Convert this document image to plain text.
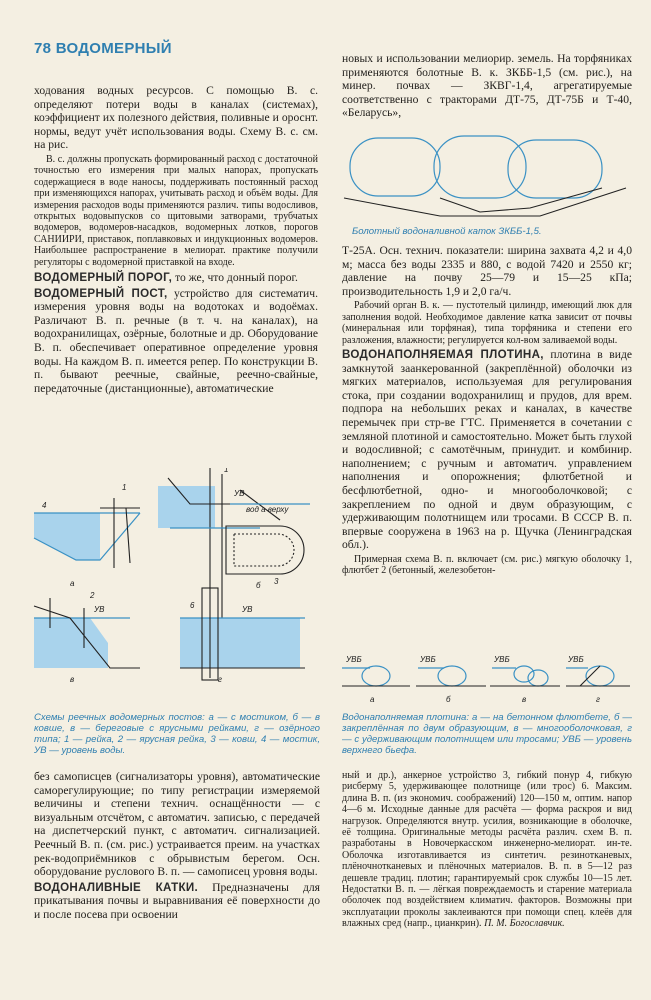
78 ВОДОМЕРНЫЙ

ходования водных ресурсов. С помощью В. с. определяют потери воды в каналах (системах), коэффициент их полезного действия, поливные и ороснт. нормы, ведут учёт использования воды. Схему В. с. см. на рис.

В. с. должны пропускать формированный расход с достаточной точностью его измерения при малых напорах, пропускать содержащиеся в воде наносы, поддерживать постоянный расход при изменяющихся напорах, учитывать расход и объём воды. Для измерения расходов воды применяются различ. типы водосливов, открытых водовыпусков со щитовыми затворами, трубчатых водомеров, водомеров-насадков, водомерных лотков, порогов САНИИРИ, приставок, поплавковых и индукционных водомеров. Наибольшее распространение в мелиорат. практике получили регуляторы с водомерной приставкой на входе.

ВОДОМЕРНЫЙ ПОРОГ, то же, что донный порог.

ВОДОМЕРНЫЙ ПОСТ, устройство для систематич. измерения уровня воды на водотоках и водоёмах. Различают В. п. речные (в т. ч. на каналах), на водохранилищах, озёрные, болотные и др. Оборудование В. п. обеспечивает оперативное определение уровня воды. На каждом В. п. имеется репер. По конструкции В. п. бывают реечные, свайные, реечно-свайные, передаточные (дистанционные), автоматические

1
4
а
УВ
вод а верху
6
1
б 3
УВ
2
в
УВ
г
Схемы реечных водомерных постов: а — с мостиком, б — в ковше, в — береговые с ярусными рейками, г — озёрного типа; 1 — рейка, 2 — ярусная рейка, 3 — ковш, 4 — мостик, УВ — уровень воды.

без самописцев (сигнализаторы уровня), автоматические саморегулирующие; по типу регистрации измеряемой величины и степени технич. оснащённости — с визуальным отсчётом, с автоматич. записью, с передачей на диспетчерский пункт, с автоматич. сигнализацией. Реечный В. п. (см. рис.) устраивается преим. на участках рек-водоприёмников с обрывистым берегом. Осн. оборудование руслового В. п. — самописец уровня воды.

ВОДОНАЛИВНЫЕ КАТКИ. Предназначены для прикатывания почвы и выравнивания её поверхности до и после посева при освоении

новых и использовании мелиорир. земель. На торфяниках применяются болотные В. к. ЗКББ-1,5 (см. рис.), на минер. почвах — ЗКВГ-1,4, агрегатируемые соответственно с тракторами ДТ-75, ДТ-75Б и Т-40, «Беларусь»,
Болотный водоналивной каток ЗКББ-1,5.

Т-25А. Осн. технич. показатели: ширина захвата 4,2 и 4,0 м; масса без воды 2335 и 880, с водой 7420 и 2550 кг; давление на почву 25—79 и 15—25 кПа; производительность 1,9 и 2,0 га/ч.

Рабочий орган В. к. — пустотелый цилиндр, имеющий люк для заполнения водой. Необходимое давление катка зависит от почвы (минеральная или торфяная), типа торфяника и степени его разложения, влажности; регулируется кол-вом заливаемой воды.

ВОДОНАПОЛНЯЕМАЯ ПЛОТИНА, плотина в виде замкнутой заанкерованной (закреплённой) оболочки из мягких материалов, используемая для регулирования стока, при создании водохранилищ и прудов, для врем. подпора на небольших реках и каналах, в качестве перемычек при стр-ве ГТС. Применяется в сочетании с земляной плотиной и самостоятельно. Может быть глухой и водосливной; с самотёчным, принудит. и комбинир. наполнением; с ручным и автоматич. управлением наполнения и опорожнения; флютбетной и бесфлютбетной, одно- и многооболочковой; с закреплением по одной и двум образующим, с удерживающим полотнищем или тросами. В СССР В. п. впервые сооружена в 1963 на р. Щучка (Ленинградская обл.).

Примерная схема В. п. включает (см. рис.) мягкую оболочку 1, флютбет 2 (бетонный, железобетон-

УВБ
а
УВБ
б
УВБ
в
УВБ
г
Водонаполняемая плотина: а — на бетонном флютбете, б — закреплённая по двум образующим, в — многооболочковая, г — с удерживающим полотнищем или тросами; УВБ — уровень верхнего бьефа.

ный и др.), анкерное устройство 3, гибкий понур 4, гибкую рисберму 5, удерживающее полотнище (или трос) 6. Максим. длина В. п. (из экономич. соображений) 120—150 м, оптим. напор 4—6 м. Исходные данные для расчёта — форма раскроя и вид нагрузок. Определяются внутр. усилия, возникающие в оболочке, её толщина. Оригинальные методы расчёта различ. схем В. п. разработаны в Новочеркасском инженерно-мелиорат. ин-те. Оболочка изготавливается из синтетич. резинотканевых, плёночнотканевых и плёночных материалов. В. п. в 5—12 раз дешевле традиц. плотин; гарантируемый срок службы 10—15 лет. Недостатки В. п. — лёгкая повреждаемость и старение материала оболочек под воздействием климатич. факторов. Возможны при эксплуатации проколы заклеиваются при помощи спец. клеёв для влажных сред (напр., цианкрин). П. М. Богославчик.
